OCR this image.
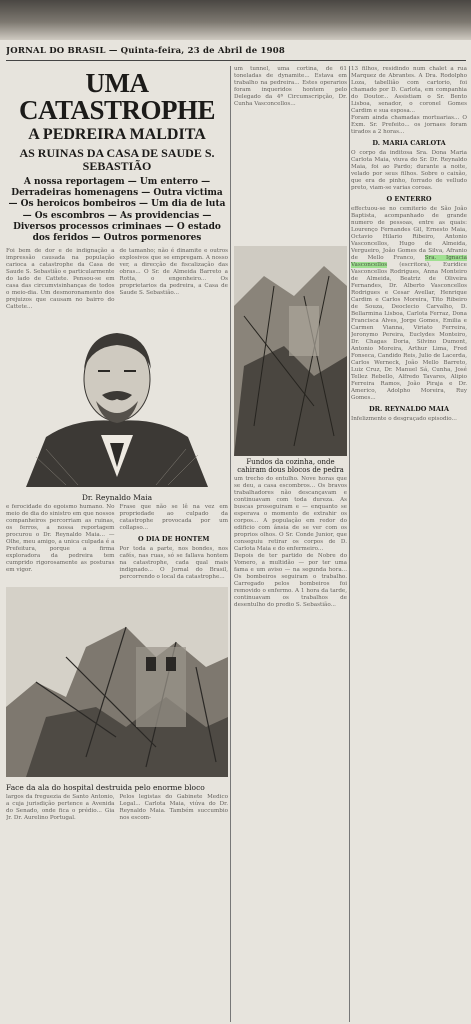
JORNAL DO BRASIL — Quinta-feira, 23 de Abril de 1908
UMA CATASTROPHE
A PEDREIRA MALDITA
AS RUINAS DA CASA DE SAUDE S. SEBASTIÃO
A nossa reportagem — Um enterro — Derradeiras homenagens — Outra victima — Os heroicos bombeiros — Um dia de luta — Os escombros — As providencias — Diversos processos criminaes — O estado dos feridos — Outros pormenores
Foi bem de dor e de indignação a impressão causada na população carioca a catastrophe da Casa de Saude S. Sebastião e particularmente do lado de Cattete. Pensou-se em casa das circumvisinhanças de todos o meio-dia. Um desmoronamento dos prejuizos que causam no bairro do Cattete...
de tamanho; não é dinamite e outros explosivos que se empregam. A nosso ver, a direcção de fiscalização das obras... O Sr. de Almeida Barreto a Rotta, o engenheiro... Os proprietarios da pedreira, a Casa de Saude S. Sebastião...
Dr. Reynaldo Maia
e ferocidade do egoismo humano. No meio de dia do sinistro em que nossos companheiros percorriam as ruinas, os ferros, a nossa reportagem procurou o Dr. Reynaldo Maia... — Olhe, meu amigo, a unica culpada é a Prefeitura, porque a firma exploradora da pedreira tem cumprido rigorosamente as posturas em vigor.
Frase que não se lê na vez em propriedade ao culpado da catastrophe provocada por um collapso...
O DIA DE HONTEM
Por toda a parte, nos bondes, nos cafés, nas ruas, só se fallava hontem na catastrophe, cada qual mais indignado... O Jornal do Brasil, percorrendo o local da catastrophe...
Face da ala do hospital destruida pelo enorme bloco
largos da freguezia de Santo Antonio, a cuja jurisdição pertence a Avenida do Senado, onde fica o prédio... Gia Jr. Dr. Aurelino Portugal.
Pelos legistas do Gabinete Medico Legal... Carlota Maia, viúva do Dr. Reynaldo Maia. Também succumbio nos escom-
um tunnel, uma cortina, de 61 toneladas de dynamite... Estava em trabalho na pedreira... Estes operarios foram inqueridos hontem pelo Delegado da 4ª Circumscripção, Dr. Cunha Vasconcellos...
Fundos da cozinha, onde cahiram dous blocos de pedra
um trecho do entulho. Nove horas que se deu, a casa escombros... Os bravos trabalhadores não descançavam e continuavam com toda dureza. As buscas proseguiram e — enquanto se esperava o momento de extrahir os corpos... A população em redor do edificio com ânsia de se ver com os proprios olhos. O Sr. Conde Junior, que conseguiu retirar os corpos de D. Carlota Maia e do enfermeiro...
Depois de ter partido de Nobre do Vomero, a multidão — por ter uma fama e um aviso — na segunda hora... Os bombeiros seguiram o trabalho. Carregado pelos bombeiros foi removido o enfermo. A 1 hora da tarde, continuavam os trabalhos de desentulho do predio S. Sebastião...
13 filhos, residindo num chalet a rua Marquez de Abrantes. A Dra. Rodolpho Loza, tabellião com cartorio, foi chamado por D. Carlota, em companhia do Doutor... Assistiam o Sr. Bento Lisboa, senador, o coronel Gomes Cardim e sua esposa...
Foram ainda chamadas mortuarias... O Exm. Sr. Prefeito... os jornaes foram tirados a 2 horas...
D. MARIA CARLOTA
O corpo da inditosa Sra. Dona Maria Carlota Maia, viuva do Sr. Dr. Reynaldo Maia, foi ao Pardo; durante a noite, velado por seus filhos. Sobre o caixão, que era de pinho, forrado de velludo preto, viam-se varias coroas.
O ENTERRO
effectuou-se no cemiterio de São João Baptista, acompanhado de grande numero de pessoas, entre as quais: Lourenço Fernandes Gil, Ernesto Maia, Octavio Hilario Ribeiro, Antonio Vasconcellos, Hugo de Almeida, Vergueiro, João Gomes da Silva, Afranio de Mello Franco, Sra. Ignacia Vasconcellos (escritora), Euridice Vasconcellos Rodrigues, Anna Monteiro de Almeida, Beatriz de Oliveira Fernandes, Dr. Alberto Vasconcellos Rodrigues e Cesar Avellar, Henrique Cardim e Carlos Moreira, Tito Ribeiro de Souza, Deoclecio Carvalho, D. Bellarmina Lisboa, Carlota Ferraz, Dona Francisca Alves, Jorge Gomes, Emilia e Carmen Vianna, Viriato Ferreira, Jeronymo Pereira, Euclydes Monteiro, Dr. Chagas Doria, Silvino Dumont, Antonio Moreira, Arthur Lima, Fred Fonseca, Candido Reis, Julio de Lacerda, Carlos Werneck, João Mello Barreto, Luiz Cruz, Dr. Manuel Sá, Cunha, José Tellez Rebello, Alfredo Tavares, Alipio Ferreira Ramos, João Piraja e Dr. Americo, Adolpho Moreira, Ruy Gomes...
DR. REYNALDO MAIA
Infelizmente o desgraçado episodio...
